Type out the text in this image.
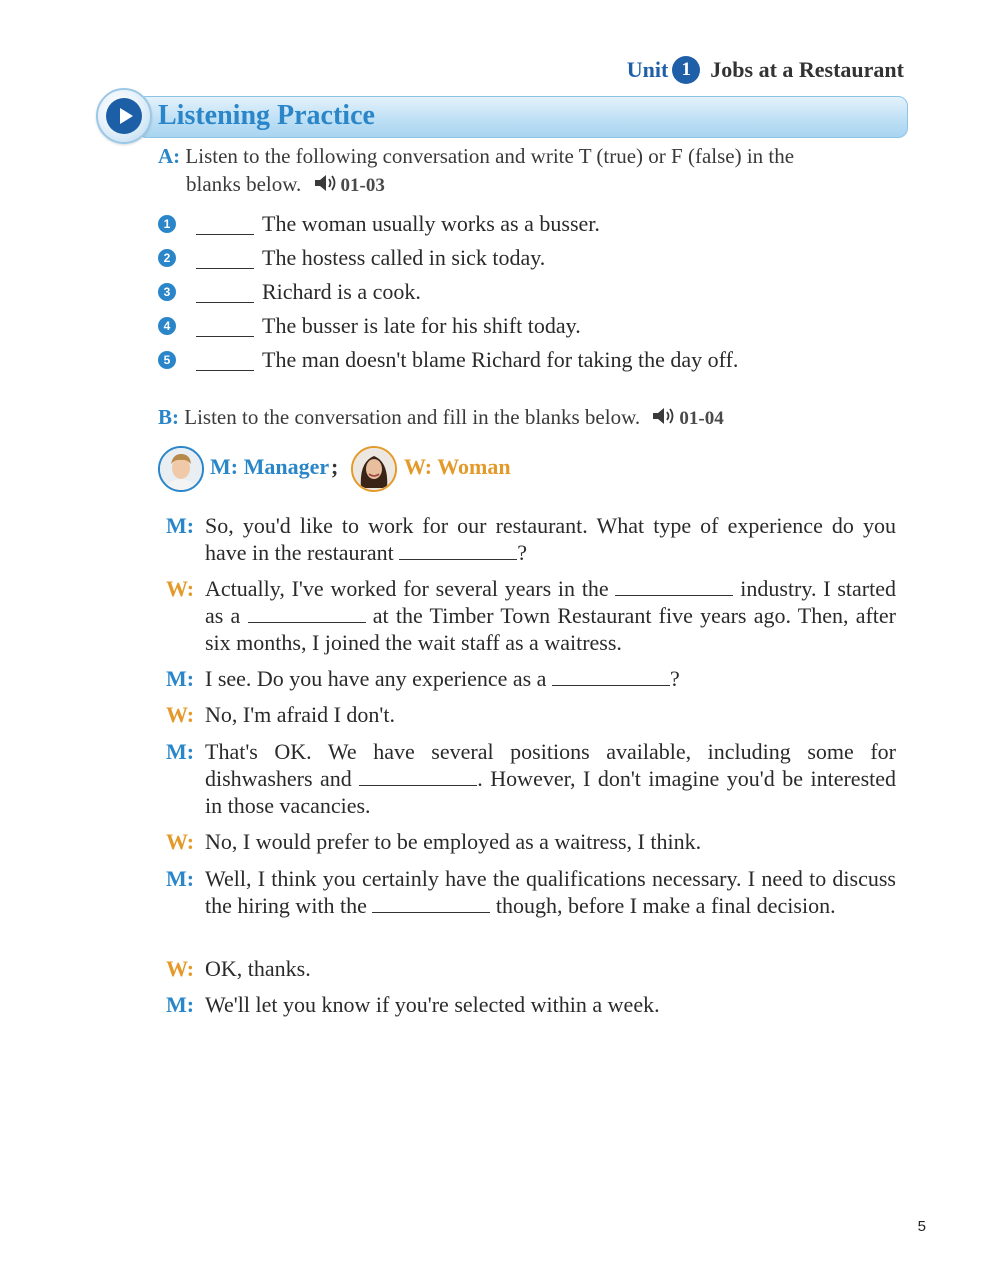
Unit 1 Jobs at a Restaurant
Listening Practice
A: Listen to the following conversation and write T (true) or F (false) in the
blanks below. 01-03
1	The woman usually works as a busser.
2	The hostess called in sick today.
3	Richard is a cook.
4	The busser is late for his shift today.
5	The man doesn't blame Richard for taking the day off.
B: Listen to the conversation and fill in the blanks below. 01-04
M: Manager ;	W: Woman
M: So, you'd like to work for our restaurant. What type of experience do you have in the restaurant	?
W: Actually, I've worked for several years in the	industry. I started as a	at the Timber Town Restaurant five years ago. Then, after six months, I joined the wait staff as a waitress.
M: I see. Do you have any experience as a	?
W: No, I'm afraid I don't.
M: That's OK. We have several positions available, including some for dishwashers and	. However, I don't imagine you'd be interested in those vacancies.
W: No, I would prefer to be employed as a waitress, I think.
M: Well, I think you certainly have the qualifications necessary. I need to discuss the hiring with the	though, before I make a final decision.
W: OK, thanks.
M: We'll let you know if you're selected within a week.
5
